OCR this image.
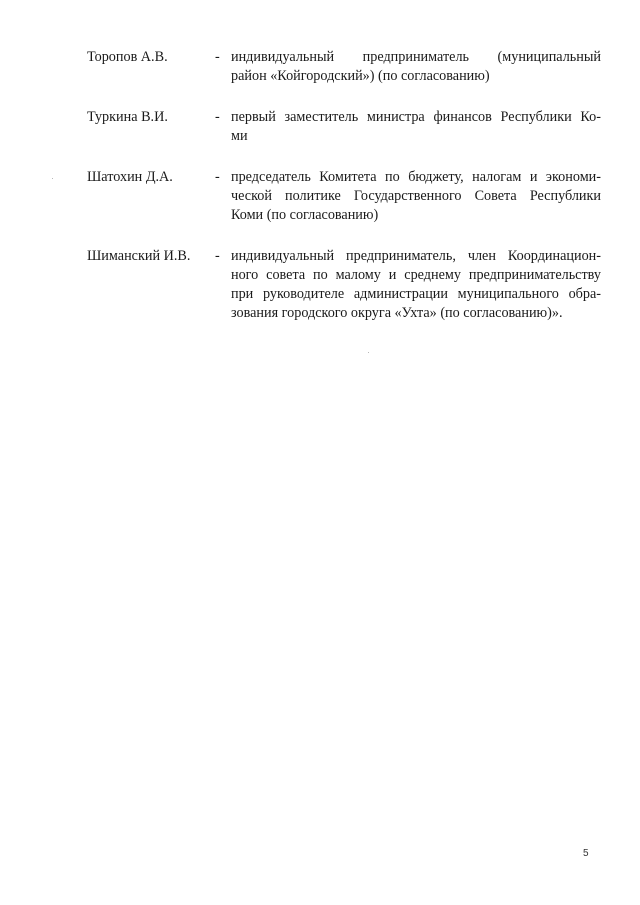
Торопов А.В.	- индивидуальный предприниматель (муниципальный
район «Койгородский») (по согласованию)
Туркина В.И.	- первый заместитель министра финансов Республики Ко-
ми
Шатохин Д.А.	- председатель Комитета по бюджету, налогам и экономи-
ческой политике Государственного Совета Республики
Коми (по согласованию)
Шиманский И.В.	- индивидуальный предприниматель, член Координацион-
ного совета по малому и среднему предпринимательству
при руководителе администрации муниципального обра-
зования городского округа «Ухта» (по согласованию)».
5
